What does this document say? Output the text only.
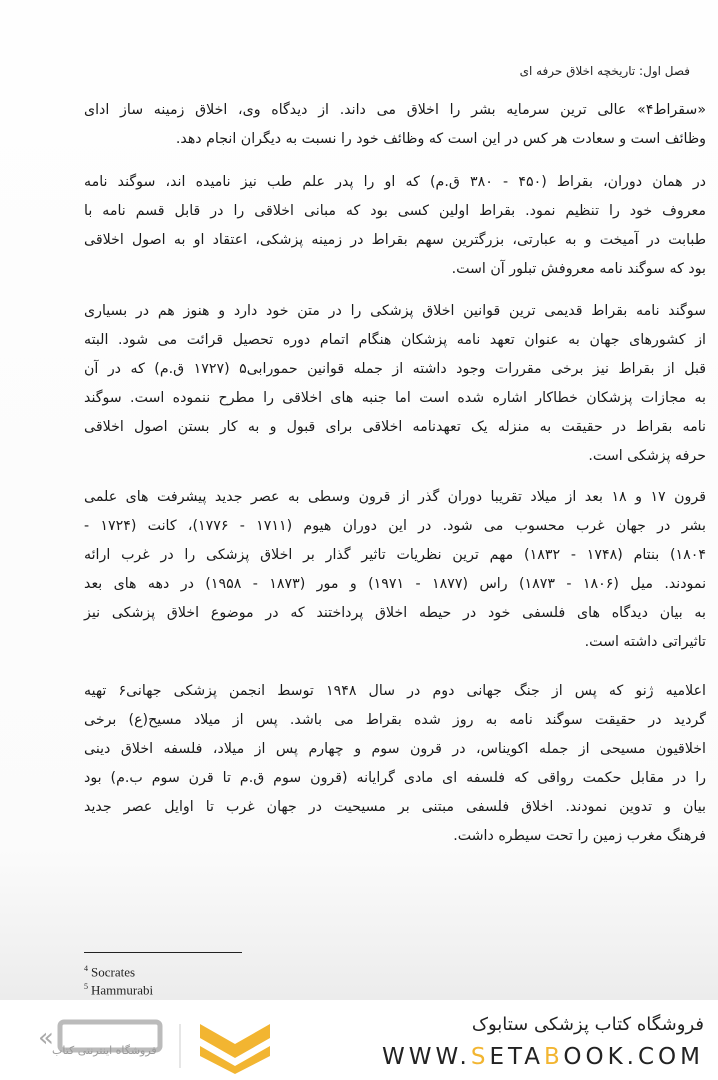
فصل اول: تاریخچه اخلاق حرفه ای
«سقراط۴» عالی ترین سرمایه بشر را اخلاق می داند. از دیدگاه وی، اخلاق زمینه ساز ادای
وظائف است و سعادت هر کس در این است که وظائف خود را نسبت به دیگران انجام دهد.
در همان دوران، بقراط (۴۵۰ - ۳۸۰ ق.م) که او را پدر علم طب نیز نامیده اند، سوگند نامه
معروف خود را تنظیم نمود. بقراط اولین کسی بود که مبانی اخلاقی را در قابل قسم نامه با
طبابت در آمیخت و به عبارتی، بزرگترین سهم بقراط در زمینه پزشکی، اعتقاد او به اصول اخلاقی
بود که سوگند نامه معروفش تبلور آن است.
سوگند نامه بقراط قدیمی ترین قوانین اخلاق پزشکی را در متن خود دارد و هنوز هم در بسیاری
از کشورهای جهان به عنوان تعهد نامه پزشکان هنگام اتمام دوره تحصیل قرائت می شود. البته
قبل از بقراط نیز برخی مقررات وجود داشته از جمله قوانین حمورابی۵ (۱۷۲۷ ق.م) که در آن
به مجازات پزشکان خطاکار اشاره شده است اما جنبه های اخلاقی را مطرح ننموده است. سوگند
نامه بقراط در حقیقت به منزله یک تعهدنامه اخلاقی برای قبول و به کار بستن اصول اخلاقی
حرفه پزشکی است.
قرون ۱۷ و ۱۸ بعد از میلاد تقریبا دوران گذر از قرون وسطی به عصر جدید پیشرفت های علمی
بشر در جهان غرب محسوب می شود. در این دوران هیوم (۱۷۱۱ - ۱۷۷۶)، کانت (۱۷۲۴ -
۱۸۰۴) بنتام (۱۷۴۸ - ۱۸۳۲) مهم ترین نظریات تاثیر گذار بر اخلاق پزشکی را در غرب ارائه
نمودند. میل (۱۸۰۶ - ۱۸۷۳) راس (۱۸۷۷ - ۱۹۷۱) و مور (۱۸۷۳ - ۱۹۵۸) در دهه های بعد
به بیان دیدگاه های فلسفی خود در حیطه اخلاق پرداختند که در موضوع اخلاق پزشکی نیز
تاثیراتی داشته است.
اعلامیه ژنو که پس از جنگ جهانی دوم در سال ۱۹۴۸ توسط انجمن پزشکی جهانی۶ تهیه
گردید در حقیقت سوگند نامه به روز شده بقراط می باشد. پس از میلاد مسیح(ع) برخی
اخلاقیون مسیحی از جمله اکویناس، در قرون سوم و چهارم پس از میلاد، فلسفه اخلاق دینی
را در مقابل حکمت رواقی که فلسفه ای مادی گرایانه (قرون سوم ق.م تا قرن سوم ب.م) بود
بیان و تدوین نمودند. اخلاق فلسفی مبتنی بر مسیحیت در جهان غرب تا اوایل عصر جدید
فرهنگ مغرب زمین را تحت سیطره داشت.
$^4$ Socrates
$^5$ Hammurabi
«
فروشگاه اینترنتی کتاب
فروشگاه کتاب پزشکی ستابوک
WWW.SETABOOK.COM
